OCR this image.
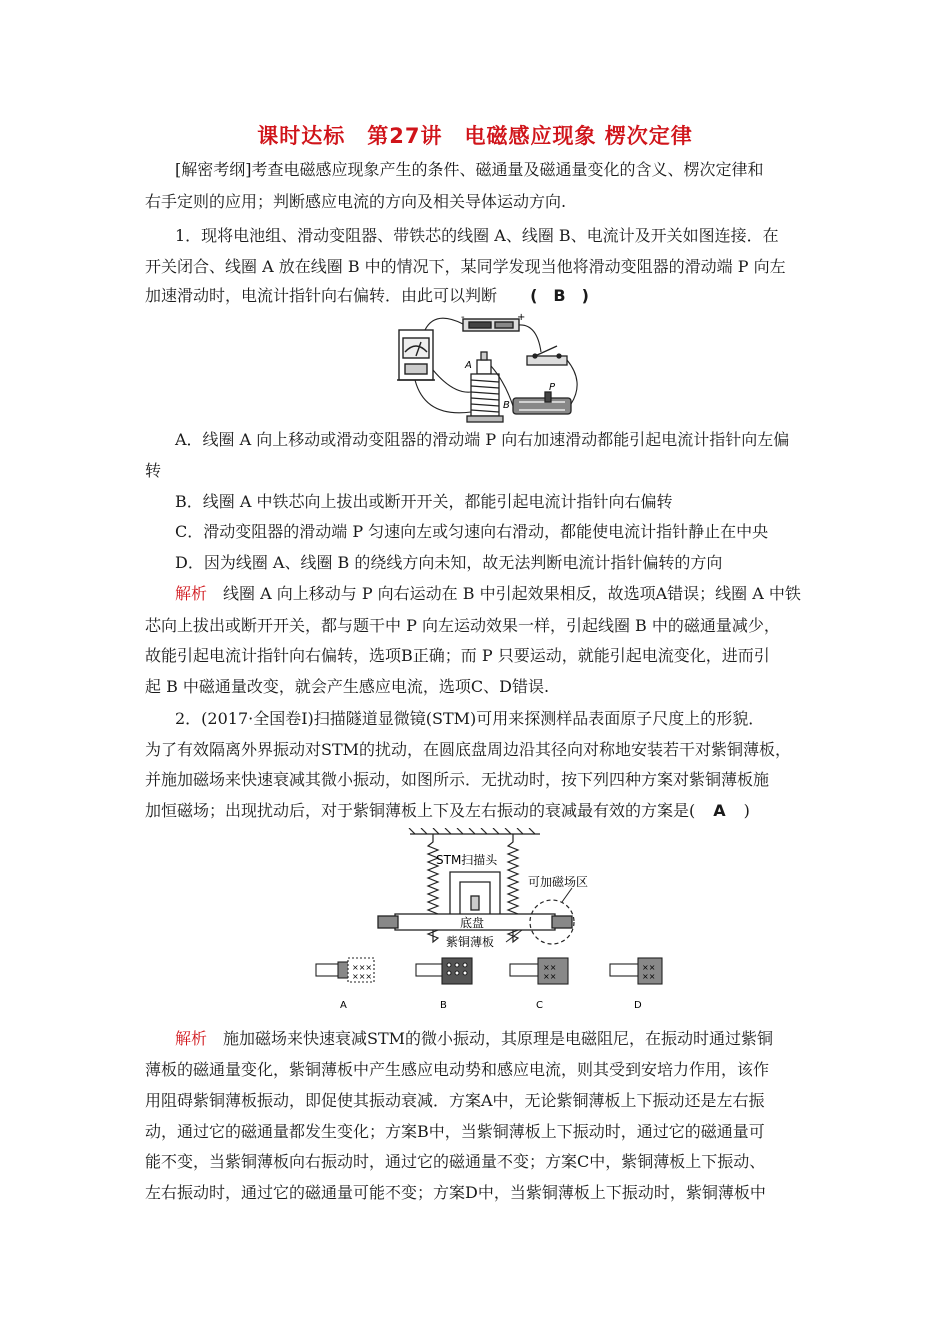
课时达标　第27讲　电磁感应现象 楞次定律
[解密考纲]考查电磁感应现象产生的条件、磁通量及磁通量变化的含义、楞次定律和
右手定则的应用；判断感应电流的方向及相关导体运动方向.
1．现将电池组、滑动变阻器、带铁芯的线圈 A、线圈 B、电流计及开关如图连接．在
开关闭合、线圈 A 放在线圈 B 中的情况下，某同学发现当他将滑动变阻器的滑动端 P 向左
加速滑动时，电流计指针向右偏转．由此可以判断 (　B　)
-	+
A
B
P
A．线圈 A 向上移动或滑动变阻器的滑动端 P 向右加速滑动都能引起电流计指针向左偏
转
B．线圈 A 中铁芯向上拔出或断开开关，都能引起电流计指针向右偏转
C．滑动变阻器的滑动端 P 匀速向左或匀速向右滑动，都能使电流计指针静止在中央
D．因为线圈 A、线圈 B 的绕线方向未知，故无法判断电流计指针偏转的方向
解析　线圈 A 向上移动与 P 向右运动在 B 中引起效果相反，故选项A错误；线圈 A 中铁
芯向上拔出或断开开关，都与题干中 P 向左运动效果一样，引起线圈 B 中的磁通量减少，
故能引起电流计指针向右偏转，选项B正确；而 P 只要运动，就能引起电流变化，进而引
起 B 中磁通量改变，就会产生感应电流，选项C、D错误.
2．(2017·全国卷Ⅰ)扫描隧道显微镜(STM)可用来探测样品表面原子尺度上的形貌．
为了有效隔离外界振动对STM的扰动，在圆底盘周边沿其径向对称地安装若干对紫铜薄板，
并施加磁场来快速衰减其微小振动，如图所示．无扰动时，按下列四种方案对紫铜薄板施
加恒磁场；出现扰动后，对于紫铜薄板上下及左右振动的衰减最有效的方案是( A )
STM扫描头
底盘
可加磁场区
紫铜薄板
×××
×××
××
××
××
××
A	B	C	D
解析　施加磁场来快速衰减STM的微小振动，其原理是电磁阻尼，在振动时通过紫铜
薄板的磁通量变化，紫铜薄板中产生感应电动势和感应电流，则其受到安培力作用，该作
用阻碍紫铜薄板振动，即促使其振动衰减．方案A中，无论紫铜薄板上下振动还是左右振
动，通过它的磁通量都发生变化；方案B中，当紫铜薄板上下振动时，通过它的磁通量可
能不变，当紫铜薄板向右振动时，通过它的磁通量不变；方案C中，紫铜薄板上下振动、
左右振动时，通过它的磁通量可能不变；方案D中，当紫铜薄板上下振动时，紫铜薄板中
